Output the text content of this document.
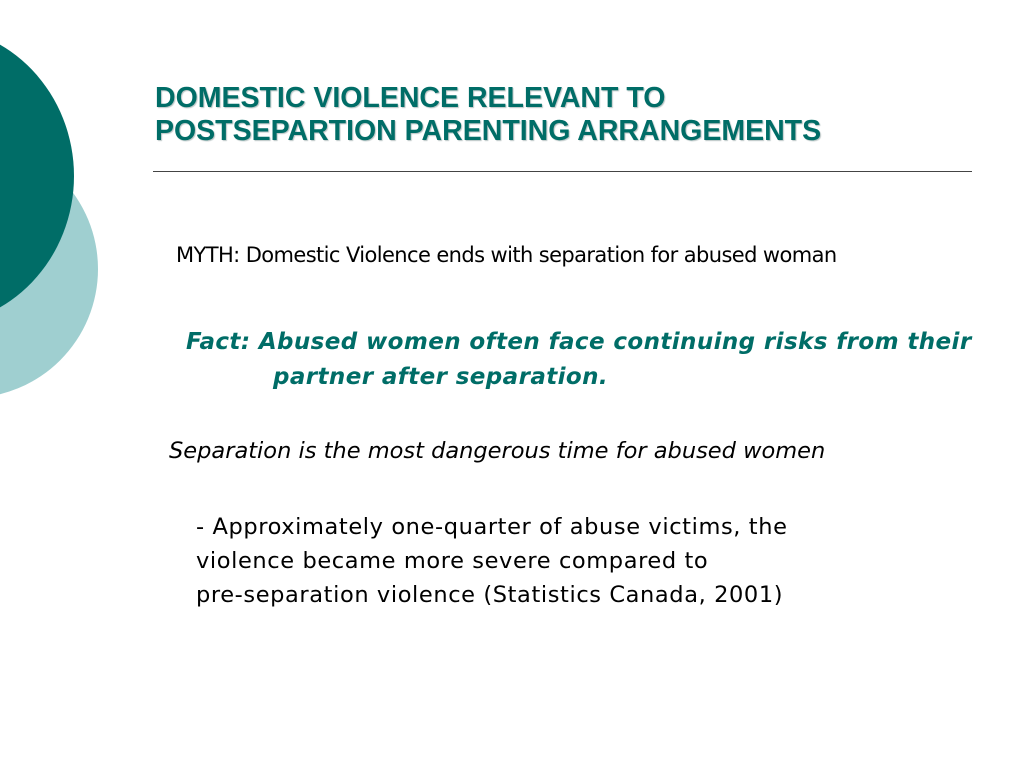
DOMESTIC VIOLENCE RELEVANT TO
POSTSEPARTION PARENTING ARRANGEMENTS

MYTH: Domestic Violence ends with separation for abused woman

Fact: Abused women often face continuing risks from their partner after separation.

Separation is the most dangerous time for abused women

- Approximately one-quarter of abuse victims, the
violence became more severe compared to
pre-separation violence (Statistics Canada, 2001)
